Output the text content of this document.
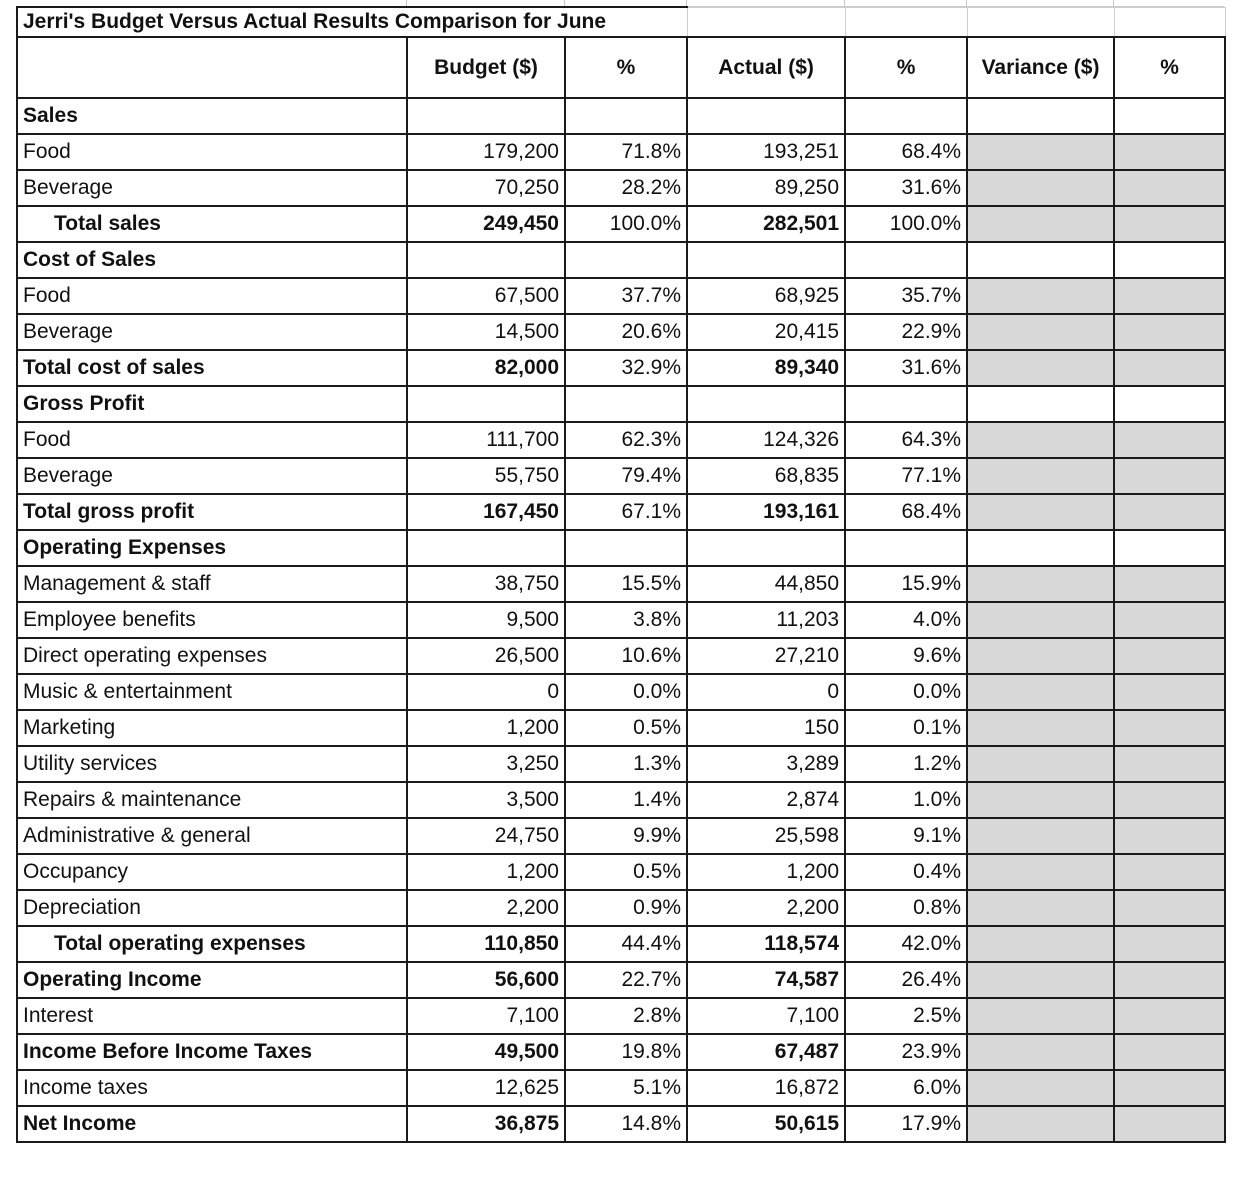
Jerri's Budget Versus Actual Results Comparison for June						
	Budget ($)	%	Actual ($)	%	Variance ($)	%
Sales						
Food	179,200	71.8%	193,251	68.4%		
Beverage	70,250	28.2%	89,250	31.6%		
Total sales	249,450	100.0%	282,501	100.0%		
Cost of Sales						
Food	67,500	37.7%	68,925	35.7%		
Beverage	14,500	20.6%	20,415	22.9%		
Total cost of sales	82,000	32.9%	89,340	31.6%		
Gross Profit						
Food	111,700	62.3%	124,326	64.3%		
Beverage	55,750	79.4%	68,835	77.1%		
Total gross profit	167,450	67.1%	193,161	68.4%		
Operating Expenses						
Management & staff	38,750	15.5%	44,850	15.9%		
Employee benefits	9,500	3.8%	11,203	4.0%		
Direct operating expenses	26,500	10.6%	27,210	9.6%		
Music & entertainment	0	0.0%	0	0.0%		
Marketing	1,200	0.5%	150	0.1%		
Utility services	3,250	1.3%	3,289	1.2%		
Repairs & maintenance	3,500	1.4%	2,874	1.0%		
Administrative & general	24,750	9.9%	25,598	9.1%		
Occupancy	1,200	0.5%	1,200	0.4%		
Depreciation	2,200	0.9%	2,200	0.8%		
Total operating expenses	110,850	44.4%	118,574	42.0%		
Operating Income	56,600	22.7%	74,587	26.4%		
Interest	7,100	2.8%	7,100	2.5%		
Income Before Income Taxes	49,500	19.8%	67,487	23.9%		
Income taxes	12,625	5.1%	16,872	6.0%		
Net Income	36,875	14.8%	50,615	17.9%		
